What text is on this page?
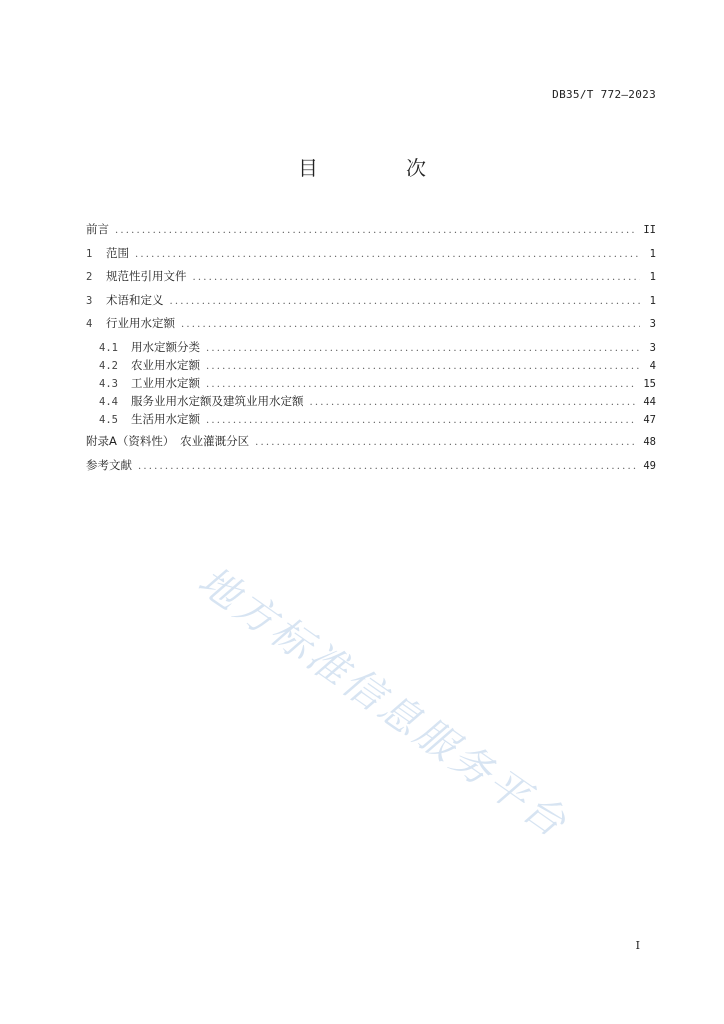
DB35/T 772—2023
目　次
前言 .....	II
1	范围 .....	1
2	规范性引用文件 .....	1
3	术语和定义 .....	1
4	行业用水定额 .....	3
4.1	用水定额分类 .....	3
4.2	农业用水定额 .....	4
4.3	工业用水定额 .....	15
4.4	服务业用水定额及建筑业用水定额 .....	44
4.5	生活用水定额 .....	47
附录A（资料性）　农业灌溉分区 .....	48
参考文献 .....	49
地方标准信息服务平台
I
